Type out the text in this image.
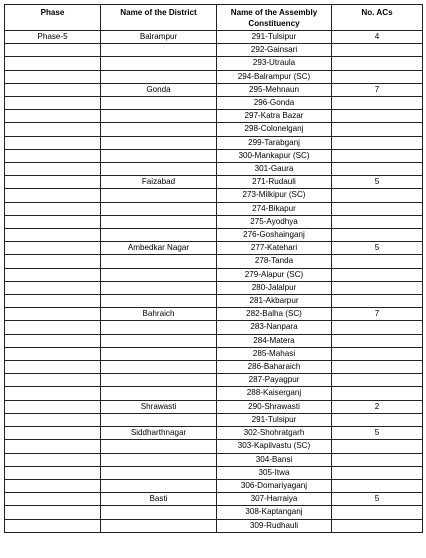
Phase	Name of the District	Name of the Assembly Constituency	No. ACs
Phase-5	Balrampur	291-Tulsipur	4
		292-Gainsari	
		293-Utraula	
		294-Balrampur (SC)	
	Gonda	295-Mehnaun	7
		296-Gonda	
		297-Katra Bazar	
		298-Colonelganj	
		299-Tarabganj	
		300-Mankapur (SC)	
		301-Gaura	
	Faizabad	271-Rudauli	5
		273-Milkipur (SC)	
		274-Bikapur	
		275-Ayodhya	
		276-Goshainganj	
	Ambedkar Nagar	277-Katehari	5
		278-Tanda	
		279-Alapur (SC)	
		280-Jalalpur	
		281-Akbarpur	
	Bahraich	282-Balha (SC)	7
		283-Nanpara	
		284-Matera	
		285-Mahasi	
		286-Baharaich	
		287-Payagpur	
		288-Kaiserganj	
	Shrawasti	290-Shrawasti	2
		291-Tulsipur	
	Siddharthnagar	302-Shohratgarh	5
		303-Kapilvastu (SC)	
		304-Bansi	
		305-Itwa	
		306-Domariyaganj	
	Basti	307-Harraiya	5
		308-Kaptanganj	
		309-Rudhauli	
